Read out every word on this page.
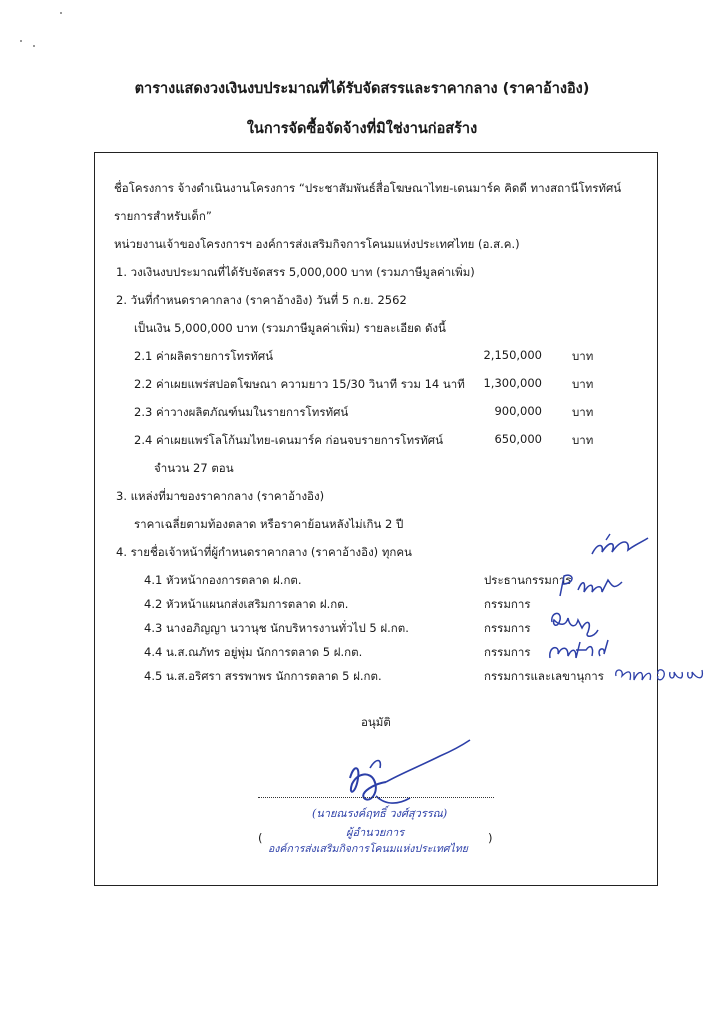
ตารางแสดงวงเงินงบประมาณที่ได้รับจัดสรรและราคากลาง (ราคาอ้างอิง)
ในการจัดซื้อจัดจ้างที่มิใช่งานก่อสร้าง
ชื่อโครงการ จ้างดำเนินงานโครงการ “ประชาสัมพันธ์สื่อโฆษณาไทย-เดนมาร์ค คิดดี ทางสถานีโทรทัศน์
รายการสำหรับเด็ก”
หน่วยงานเจ้าของโครงการฯ องค์การส่งเสริมกิจการโคนมแห่งประเทศไทย (อ.ส.ค.)
1. วงเงินงบประมาณที่ได้รับจัดสรร 5,000,000 บาท (รวมภาษีมูลค่าเพิ่ม)
2. วันที่กำหนดราคากลาง (ราคาอ้างอิง) วันที่ 5 ก.ย. 2562
เป็นเงิน 5,000,000 บาท (รวมภาษีมูลค่าเพิ่ม) รายละเอียด ดังนี้
2.1 ค่าผลิตรายการโทรทัศน์	2,150,000	บาท
2.2 ค่าเผยแพร่สปอตโฆษณา ความยาว 15/30 วินาที รวม 14 นาที	1,300,000	บาท
2.3 ค่าวางผลิตภัณฑ์นมในรายการโทรทัศน์	900,000	บาท
2.4 ค่าเผยแพร่โลโก้นมไทย-เดนมาร์ค ก่อนจบรายการโทรทัศน์	650,000	บาท
จำนวน 27 ตอน
3. แหล่งที่มาของราคากลาง (ราคาอ้างอิง)
ราคาเฉลี่ยตามท้องตลาด หรือราคาย้อนหลังไม่เกิน 2 ปี
4. รายชื่อเจ้าหน้าที่ผู้กำหนดราคากลาง (ราคาอ้างอิง) ทุกคน
4.1 หัวหน้ากองการตลาด ฝ.กต.	ประธานกรรมการ
4.2 หัวหน้าแผนกส่งเสริมการตลาด ฝ.กต.	กรรมการ
4.3 นางอภิญญา นวานุช นักบริหารงานทั่วไป 5 ฝ.กต.	กรรมการ
4.4 น.ส.ณภัทร อยู่พุ่ม นักการตลาด 5 ฝ.กต.	กรรมการ
4.5 น.ส.อริศรา สรรพาพร นักการตลาด 5 ฝ.กต.	กรรมการและเลขานุการ
อนุมัติ
(	)
(นายณรงค์ฤทธิ์ วงศ์สุวรรณ)
ผู้อำนวยการ
องค์การส่งเสริมกิจการโคนมแห่งประเทศไทย
